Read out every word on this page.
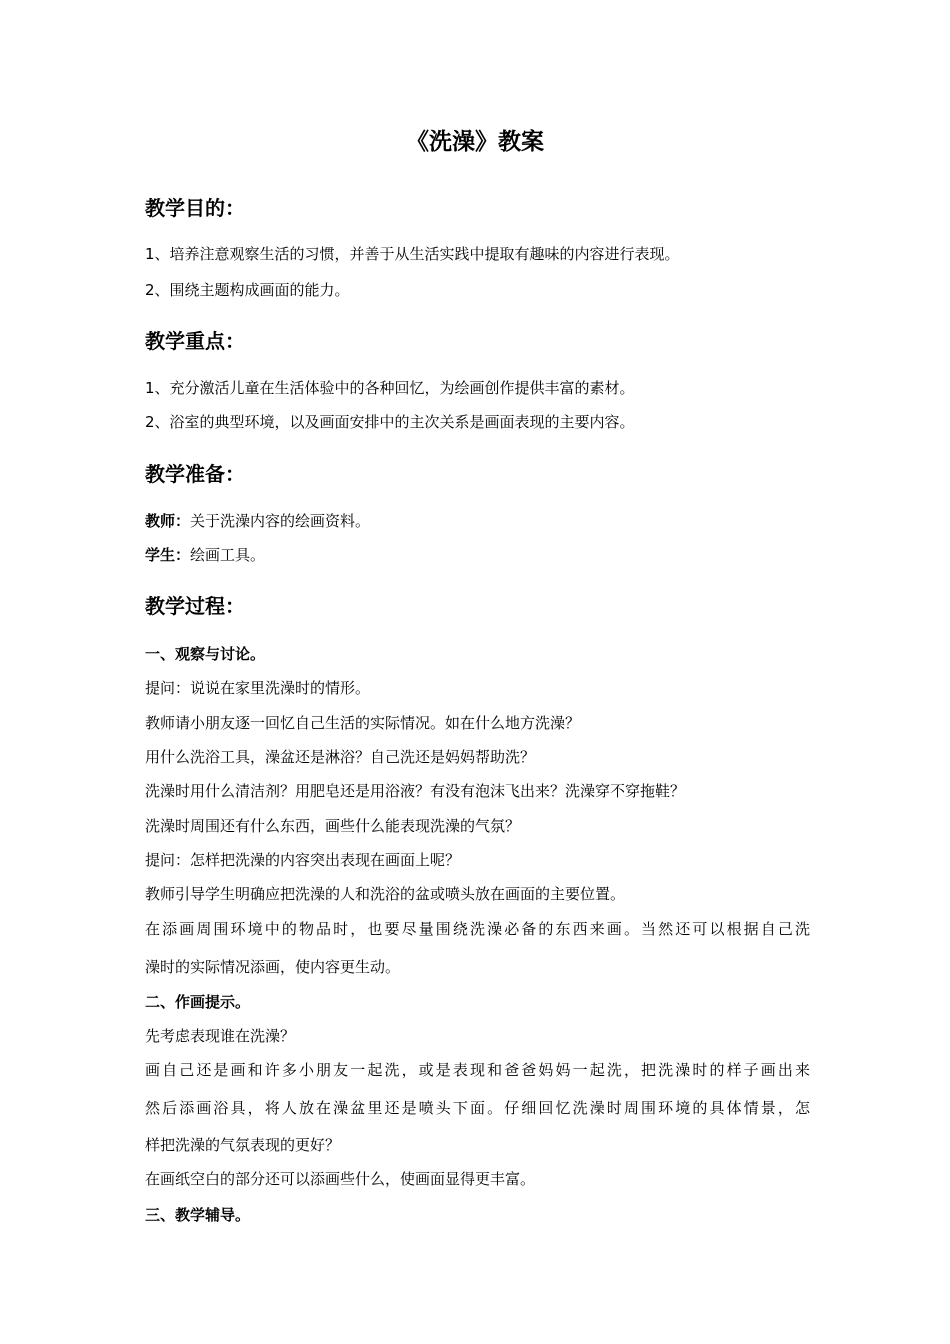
《洗澡》教案
教学目的：
1、培养注意观察生活的习惯，并善于从生活实践中提取有趣味的内容进行表现。
2、围绕主题构成画面的能力。
教学重点：
1、充分激活儿童在生活体验中的各种回忆，为绘画创作提供丰富的素材。
2、浴室的典型环境，以及画面安排中的主次关系是画面表现的主要内容。
教学准备：
教师：关于洗澡内容的绘画资料。
学生：绘画工具。
教学过程：
一、观察与讨论。
提问：说说在家里洗澡时的情形。
教师请小朋友逐一回忆自己生活的实际情况。如在什么地方洗澡？
用什么洗浴工具，澡盆还是淋浴？自己洗还是妈妈帮助洗？
洗澡时用什么清洁剂？用肥皂还是用浴液？有没有泡沫飞出来？洗澡穿不穿拖鞋？
洗澡时周围还有什么东西，画些什么能表现洗澡的气氛？
提问：怎样把洗澡的内容突出表现在画面上呢？
教师引导学生明确应把洗澡的人和洗浴的盆或喷头放在画面的主要位置。
在添画周围环境中的物品时，也要尽量围绕洗澡必备的东西来画。当然还可以根据自己洗
澡时的实际情况添画，使内容更生动。
二、作画提示。
先考虑表现谁在洗澡？
画自己还是画和许多小朋友一起洗，或是表现和爸爸妈妈一起洗，把洗澡时的样子画出来
然后添画浴具，将人放在澡盆里还是喷头下面。仔细回忆洗澡时周围环境的具体情景，怎
样把洗澡的气氛表现的更好？
在画纸空白的部分还可以添画些什么，使画面显得更丰富。
三、教学辅导。
